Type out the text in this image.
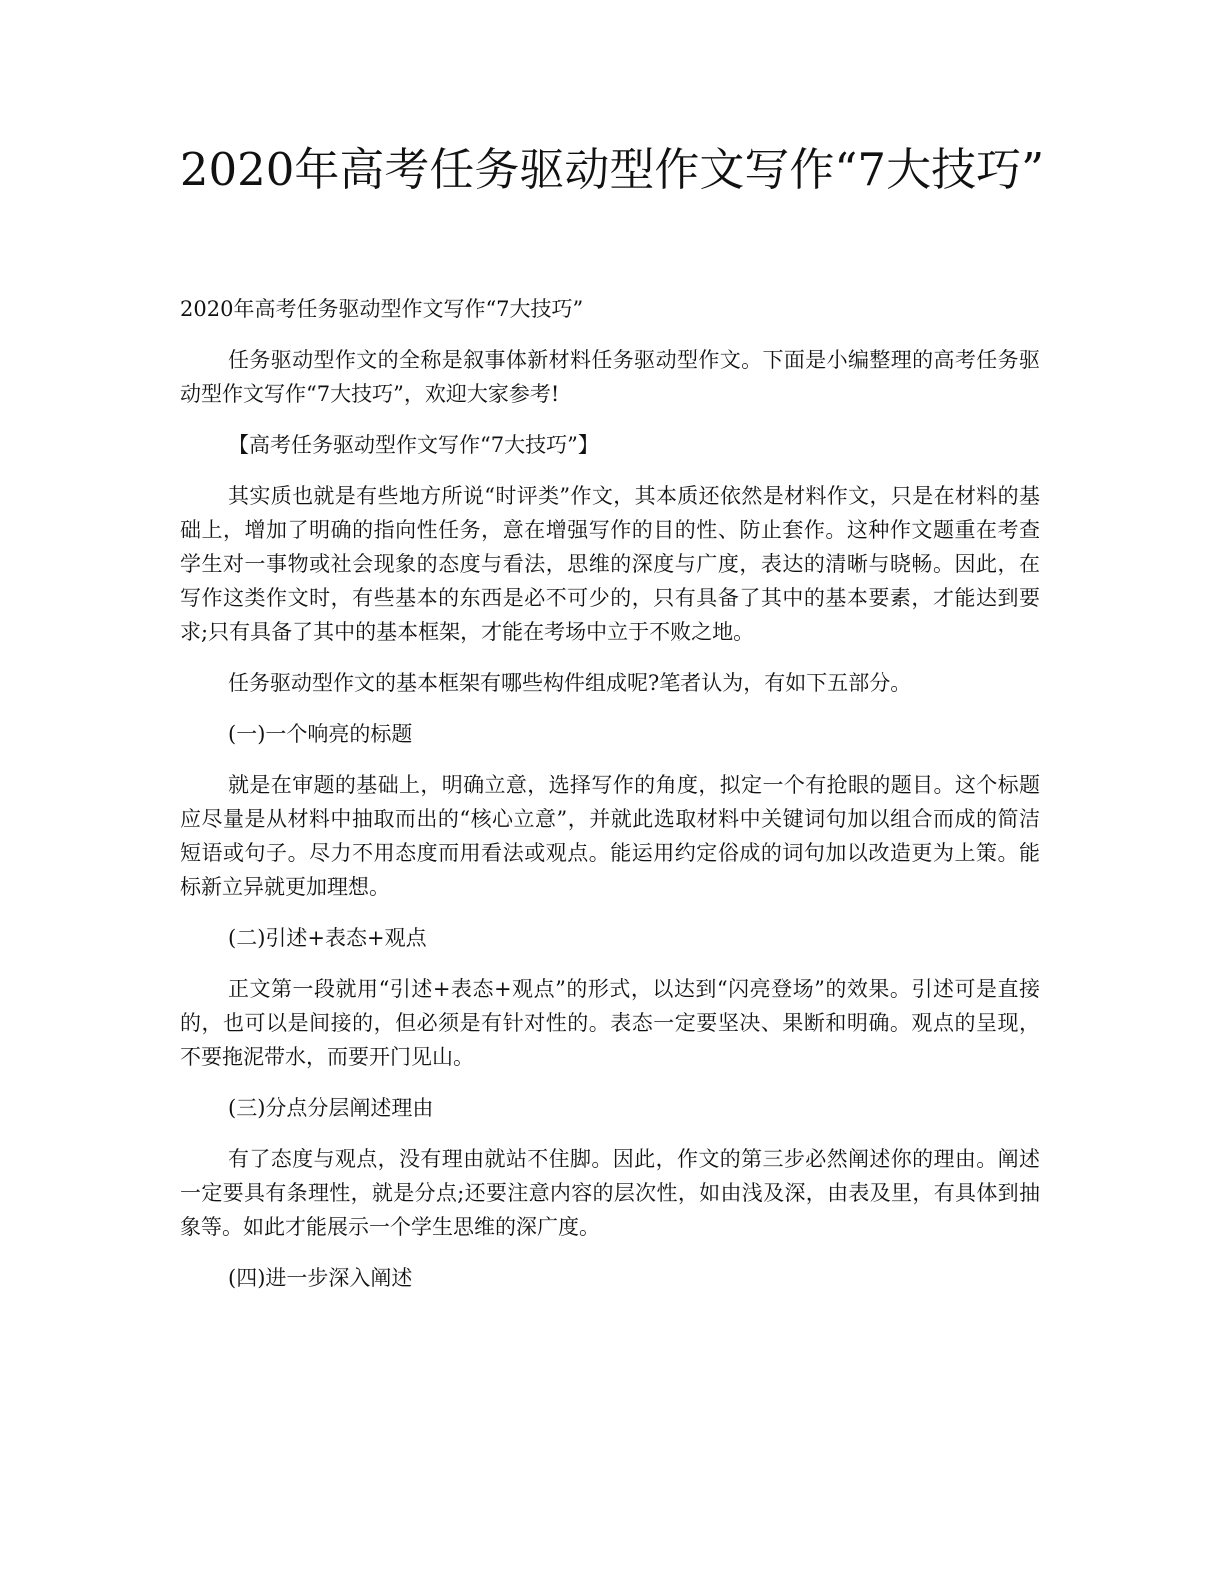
2020年高考任务驱动型作文写作“7大技巧”

2020年高考任务驱动型作文写作“7大技巧”

任务驱动型作文的全称是叙事体新材料任务驱动型作文。下面是小编整理的高考任务驱动型作文写作“7大技巧”，欢迎大家参考!

【高考任务驱动型作文写作“7大技巧”】

其实质也就是有些地方所说“时评类”作文，其本质还依然是材料作文，只是在材料的基础上，增加了明确的指向性任务，意在增强写作的目的性、防止套作。这种作文题重在考查学生对一事物或社会现象的态度与看法，思维的深度与广度，表达的清晰与晓畅。因此，在写作这类作文时，有些基本的东西是必不可少的，只有具备了其中的基本要素，才能达到要求;只有具备了其中的基本框架，才能在考场中立于不败之地。

任务驱动型作文的基本框架有哪些构件组成呢?笔者认为，有如下五部分。

(一)一个响亮的标题

就是在审题的基础上，明确立意，选择写作的角度，拟定一个有抢眼的题目。这个标题应尽量是从材料中抽取而出的“核心立意”，并就此选取材料中关键词句加以组合而成的简洁短语或句子。尽力不用态度而用看法或观点。能运用约定俗成的词句加以改造更为上策。能标新立异就更加理想。

(二)引述+表态+观点

正文第一段就用“引述+表态+观点”的形式，以达到“闪亮登场”的效果。引述可是直接的，也可以是间接的，但必须是有针对性的。表态一定要坚决、果断和明确。观点的呈现，不要拖泥带水，而要开门见山。

(三)分点分层阐述理由

有了态度与观点，没有理由就站不住脚。因此，作文的第三步必然阐述你的理由。阐述一定要具有条理性，就是分点;还要注意内容的层次性，如由浅及深，由表及里，有具体到抽象等。如此才能展示一个学生思维的深广度。

(四)进一步深入阐述
